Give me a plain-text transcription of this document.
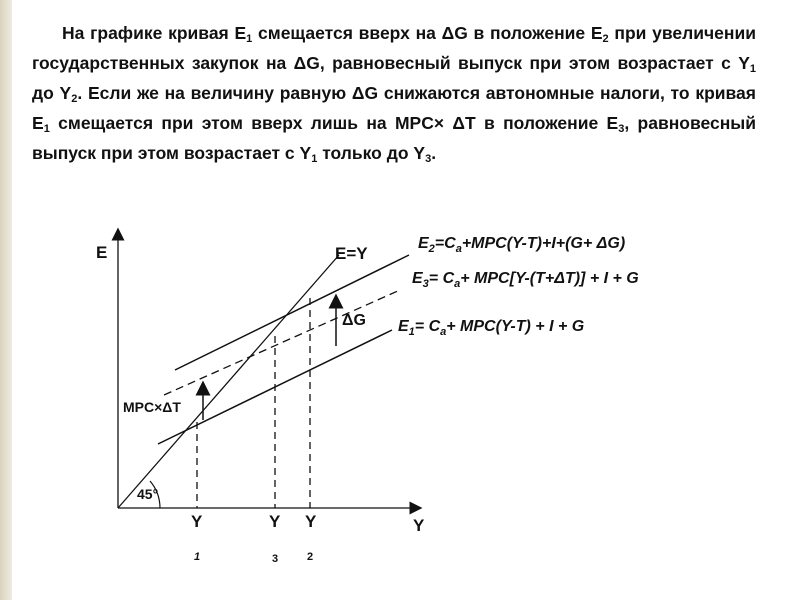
На графике кривая $E_1$ смещается вверх на ΔG в положение $E_2$ при увеличении государственных закупок на ΔG, равновесный выпуск при этом возрастает с $Y_1$ до $Y_2$. Если же на величину равную ΔG снижаются автономные налоги, то кривая $E_1$ смещается при этом вверх лишь на MPC× ΔT в положение $E_3$, равновесный выпуск при этом возрастает с $Y_1$ только до $Y_3$.
E
Y
E=Y
45°
ΔG
MPC×ΔT
$E_2=C_a+MPC(Y-T)+I+(G+ \Delta G)$
$E_3= C_a+ MPC[Y-(T+\Delta T)] + I + G$
$E_1= C_a+ MPC(Y-T) + I + G$
Y
1
Y
3
Y
2
